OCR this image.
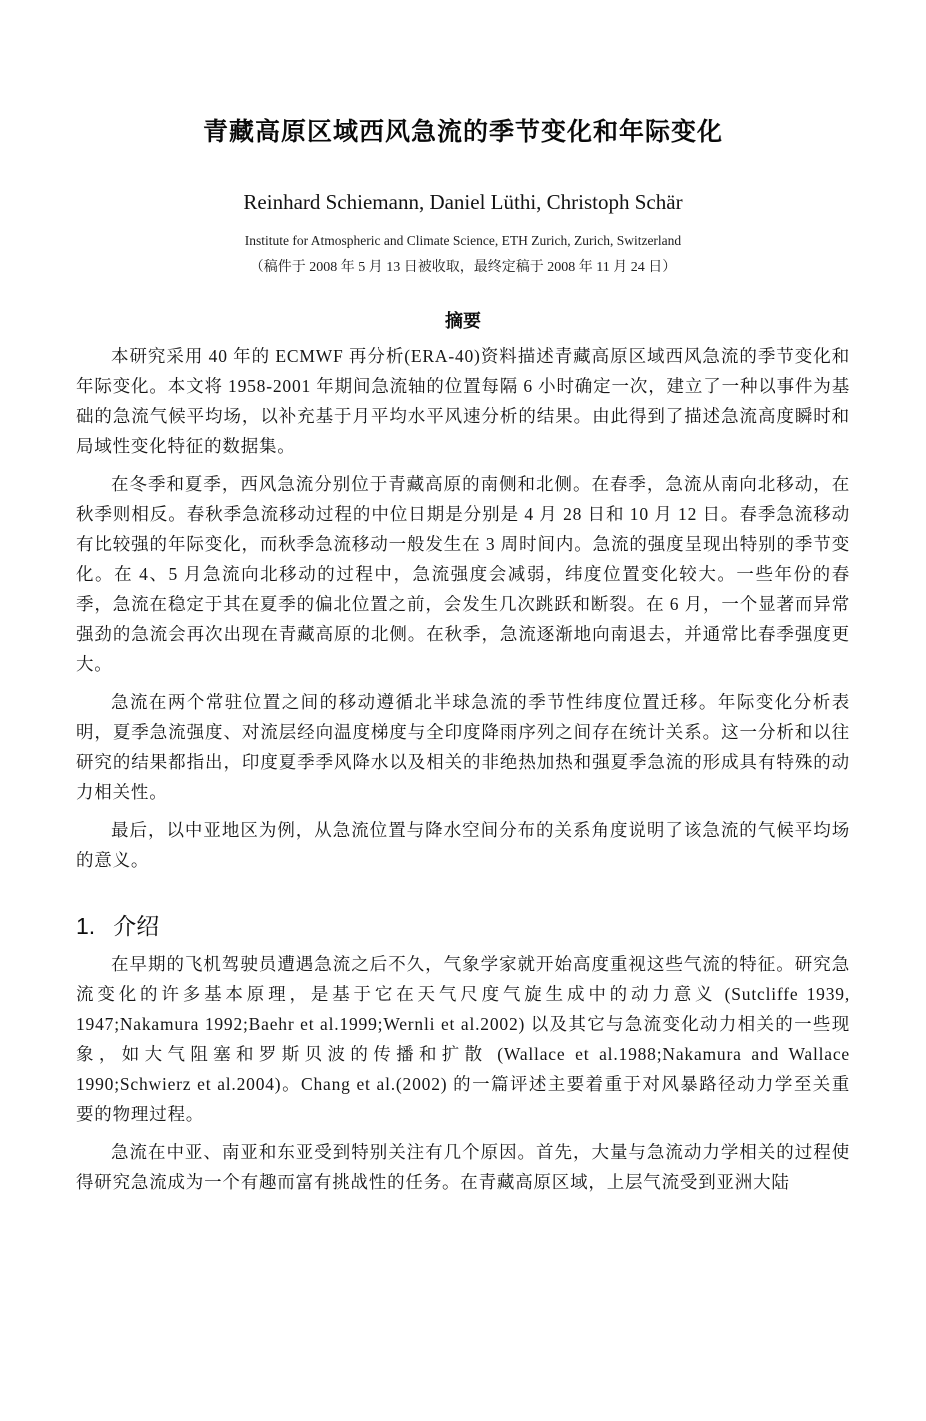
青藏高原区域西风急流的季节变化和年际变化
Reinhard Schiemann, Daniel Lüthi, Christoph Schär
Institute for Atmospheric and Climate Science, ETH Zurich, Zurich, Switzerland
（稿件于 2008 年 5 月 13 日被收取，最终定稿于 2008 年 11 月 24 日）
摘要

本研究采用 40 年的 ECMWF 再分析(ERA-40)资料描述青藏高原区域西风急流的季节变化和年际变化。本文将 1958-2001 年期间急流轴的位置每隔 6 小时确定一次，建立了一种以事件为基础的急流气候平均场，以补充基于月平均水平风速分析的结果。由此得到了描述急流高度瞬时和局域性变化特征的数据集。

在冬季和夏季，西风急流分别位于青藏高原的南侧和北侧。在春季，急流从南向北移动，在秋季则相反。春秋季急流移动过程的中位日期是分别是 4 月 28 日和 10 月 12 日。春季急流移动有比较强的年际变化，而秋季急流移动一般发生在 3 周时间内。急流的强度呈现出特别的季节变化。在 4、5 月急流向北移动的过程中，急流强度会减弱，纬度位置变化较大。一些年份的春季，急流在稳定于其在夏季的偏北位置之前，会发生几次跳跃和断裂。在 6 月，一个显著而异常强劲的急流会再次出现在青藏高原的北侧。在秋季，急流逐渐地向南退去，并通常比春季强度更大。

急流在两个常驻位置之间的移动遵循北半球急流的季节性纬度位置迁移。年际变化分析表明，夏季急流强度、对流层经向温度梯度与全印度降雨序列之间存在统计关系。这一分析和以往研究的结果都指出，印度夏季季风降水以及相关的非绝热加热和强夏季急流的形成具有特殊的动力相关性。

最后，以中亚地区为例，从急流位置与降水空间分布的关系角度说明了该急流的气候平均场的意义。

1. 介绍

在早期的飞机驾驶员遭遇急流之后不久，气象学家就开始高度重视这些气流的特征。研究急流变化的许多基本原理，是基于它在天气尺度气旋生成中的动力意义 (Sutcliffe 1939, 1947;Nakamura 1992;Baehr et al.1999;Wernli et al.2002) 以及其它与急流变化动力相关的一些现象，如大气阻塞和罗斯贝波的传播和扩散 (Wallace et al.1988;Nakamura and Wallace 1990;Schwierz et al.2004)。Chang et al.(2002) 的一篇评述主要着重于对风暴路径动力学至关重要的物理过程。

急流在中亚、南亚和东亚受到特别关注有几个原因。首先，大量与急流动力学相关的过程使得研究急流成为一个有趣而富有挑战性的任务。在青藏高原区域，上层气流受到亚洲大陆
